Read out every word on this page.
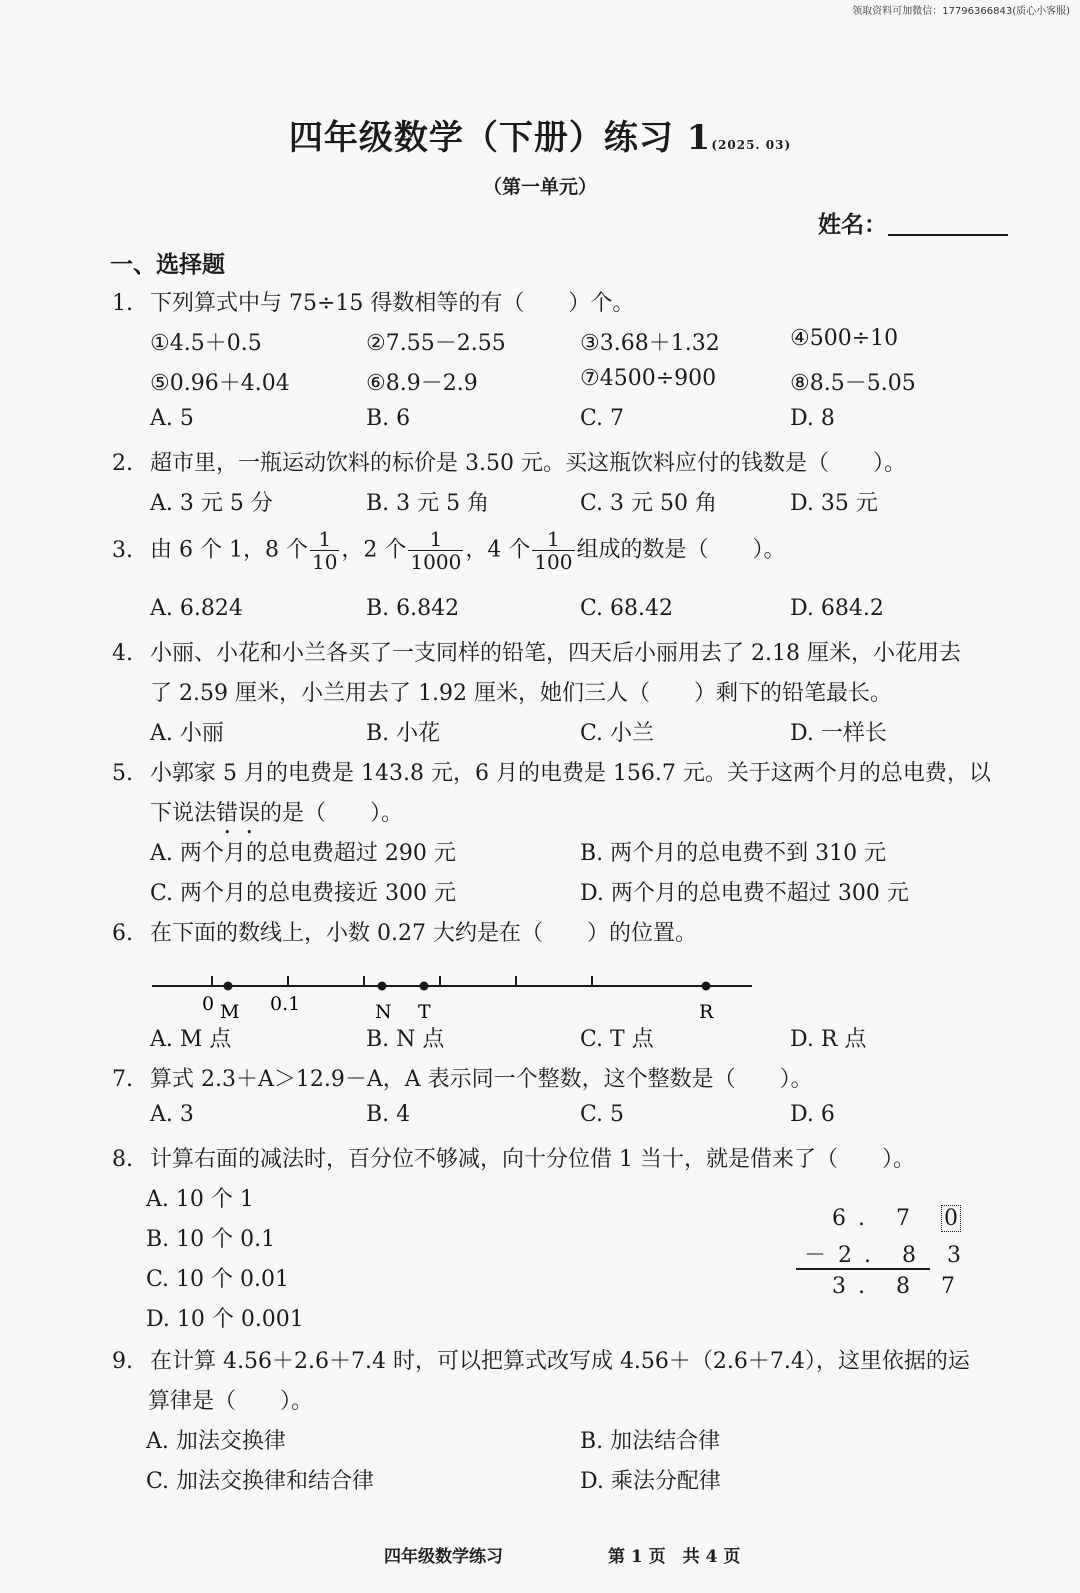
领取资料可加微信：17796366843(质心小客服)
四年级数学（下册）练习 1(2025. 03)
（第一单元）
姓名：
一、选择题
1. 下列算式中与 75÷15 得数相等的有（　　）个。
①4.5＋0.5	②7.55－2.55	③3.68＋1.32	④500÷10
⑤0.96＋4.04	⑥8.9－2.9	⑦4500÷900	⑧8.5－5.05
A. 5	B. 6	C. 7	D. 8
2. 超市里，一瓶运动饮料的标价是 3.50 元。买这瓶饮料应付的钱数是（　　）。
A. 3 元 5 分	B. 3 元 5 角	C. 3 元 50 角	D. 35 元
3. 由 6 个 1，8 个 $\frac{1}{10}$ ，2 个 $\frac{1}{1000}$ ，4 个 $\frac{1}{100}$ 组成的数是（　　）。
A. 6.824	B. 6.842	C. 68.42	D. 684.2
4. 小丽、小花和小兰各买了一支同样的铅笔，四天后小丽用去了 2.18 厘米，小花用去
了 2.59 厘米，小兰用去了 1.92 厘米，她们三人（　　）剩下的铅笔最长。
A. 小丽	B. 小花	C. 小兰	D. 一样长
5. 小郭家 5 月的电费是 143.8 元，6 月的电费是 156.7 元。关于这两个月的总电费，以
下说法错误的是（　　）。
A. 两个月的总电费超过 290 元	B. 两个月的总电费不到 310 元
C. 两个月的总电费接近 300 元	D. 两个月的总电费不超过 300 元
6. 在下面的数线上，小数 0.27 大约是在（　　）的位置。
0	0.1
M	N T	R
A. M 点	B. N 点	C. T 点	D. R 点
7. 算式 2.3＋A＞12.9－A，A 表示同一个整数，这个整数是（　　）。
A. 3	B. 4	C. 5	D. 6
8. 计算右面的减法时，百分位不够减，向十分位借 1 当十，就是借来了（　　）。
A. 10 个 1
B. 10 个 0.1
C. 10 个 0.01
D. 10 个 0.001
6. 7 0
－2. 8 3
3. 8 7
9. 在计算 4.56＋2.6＋7.4 时，可以把算式改写成 4.56＋（2.6＋7.4），这里依据的运
算律是（　　）。
A. 加法交换律	B. 加法结合律
C. 加法交换律和结合律	D. 乘法分配律
四年级数学练习	第 1 页　共 4 页
